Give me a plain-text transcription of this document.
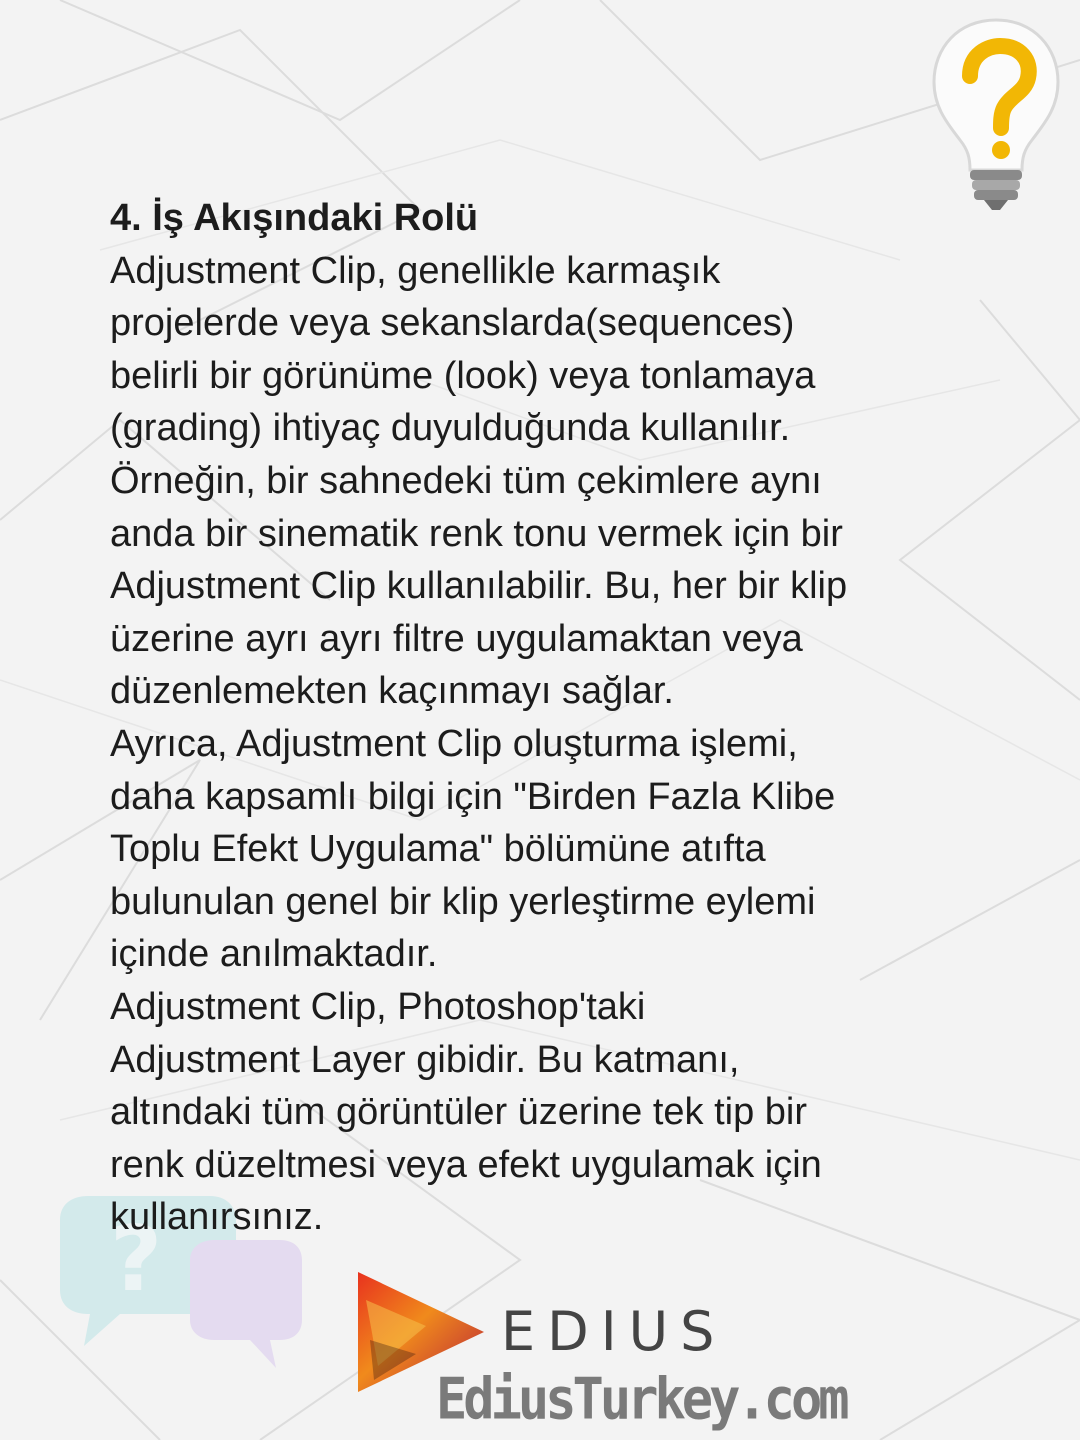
?
4. İş Akışındaki Rolü
Adjustment Clip, genellikle karmaşık
projelerde veya sekanslarda(sequences)
belirli bir görünüme (look) veya tonlamaya
(grading) ihtiyaç duyulduğunda kullanılır.
Örneğin, bir sahnedeki tüm çekimlere aynı
anda bir sinematik renk tonu vermek için bir
Adjustment Clip kullanılabilir. Bu, her bir klip
üzerine ayrı ayrı filtre uygulamaktan veya
düzenlemekten kaçınmayı sağlar.
Ayrıca, Adjustment Clip oluşturma işlemi,
daha kapsamlı bilgi için "Birden Fazla Klibe
Toplu Efekt Uygulama" bölümüne atıfta
bulunulan genel bir klip yerleştirme eylemi
içinde anılmaktadır.
Adjustment Clip, Photoshop'taki
Adjustment Layer gibidir. Bu katmanı,
altındaki tüm görüntüler üzerine tek tip bir
renk düzeltmesi veya efekt uygulamak için
kullanırsınız.
EDIUS
EdiusTurkey.com
